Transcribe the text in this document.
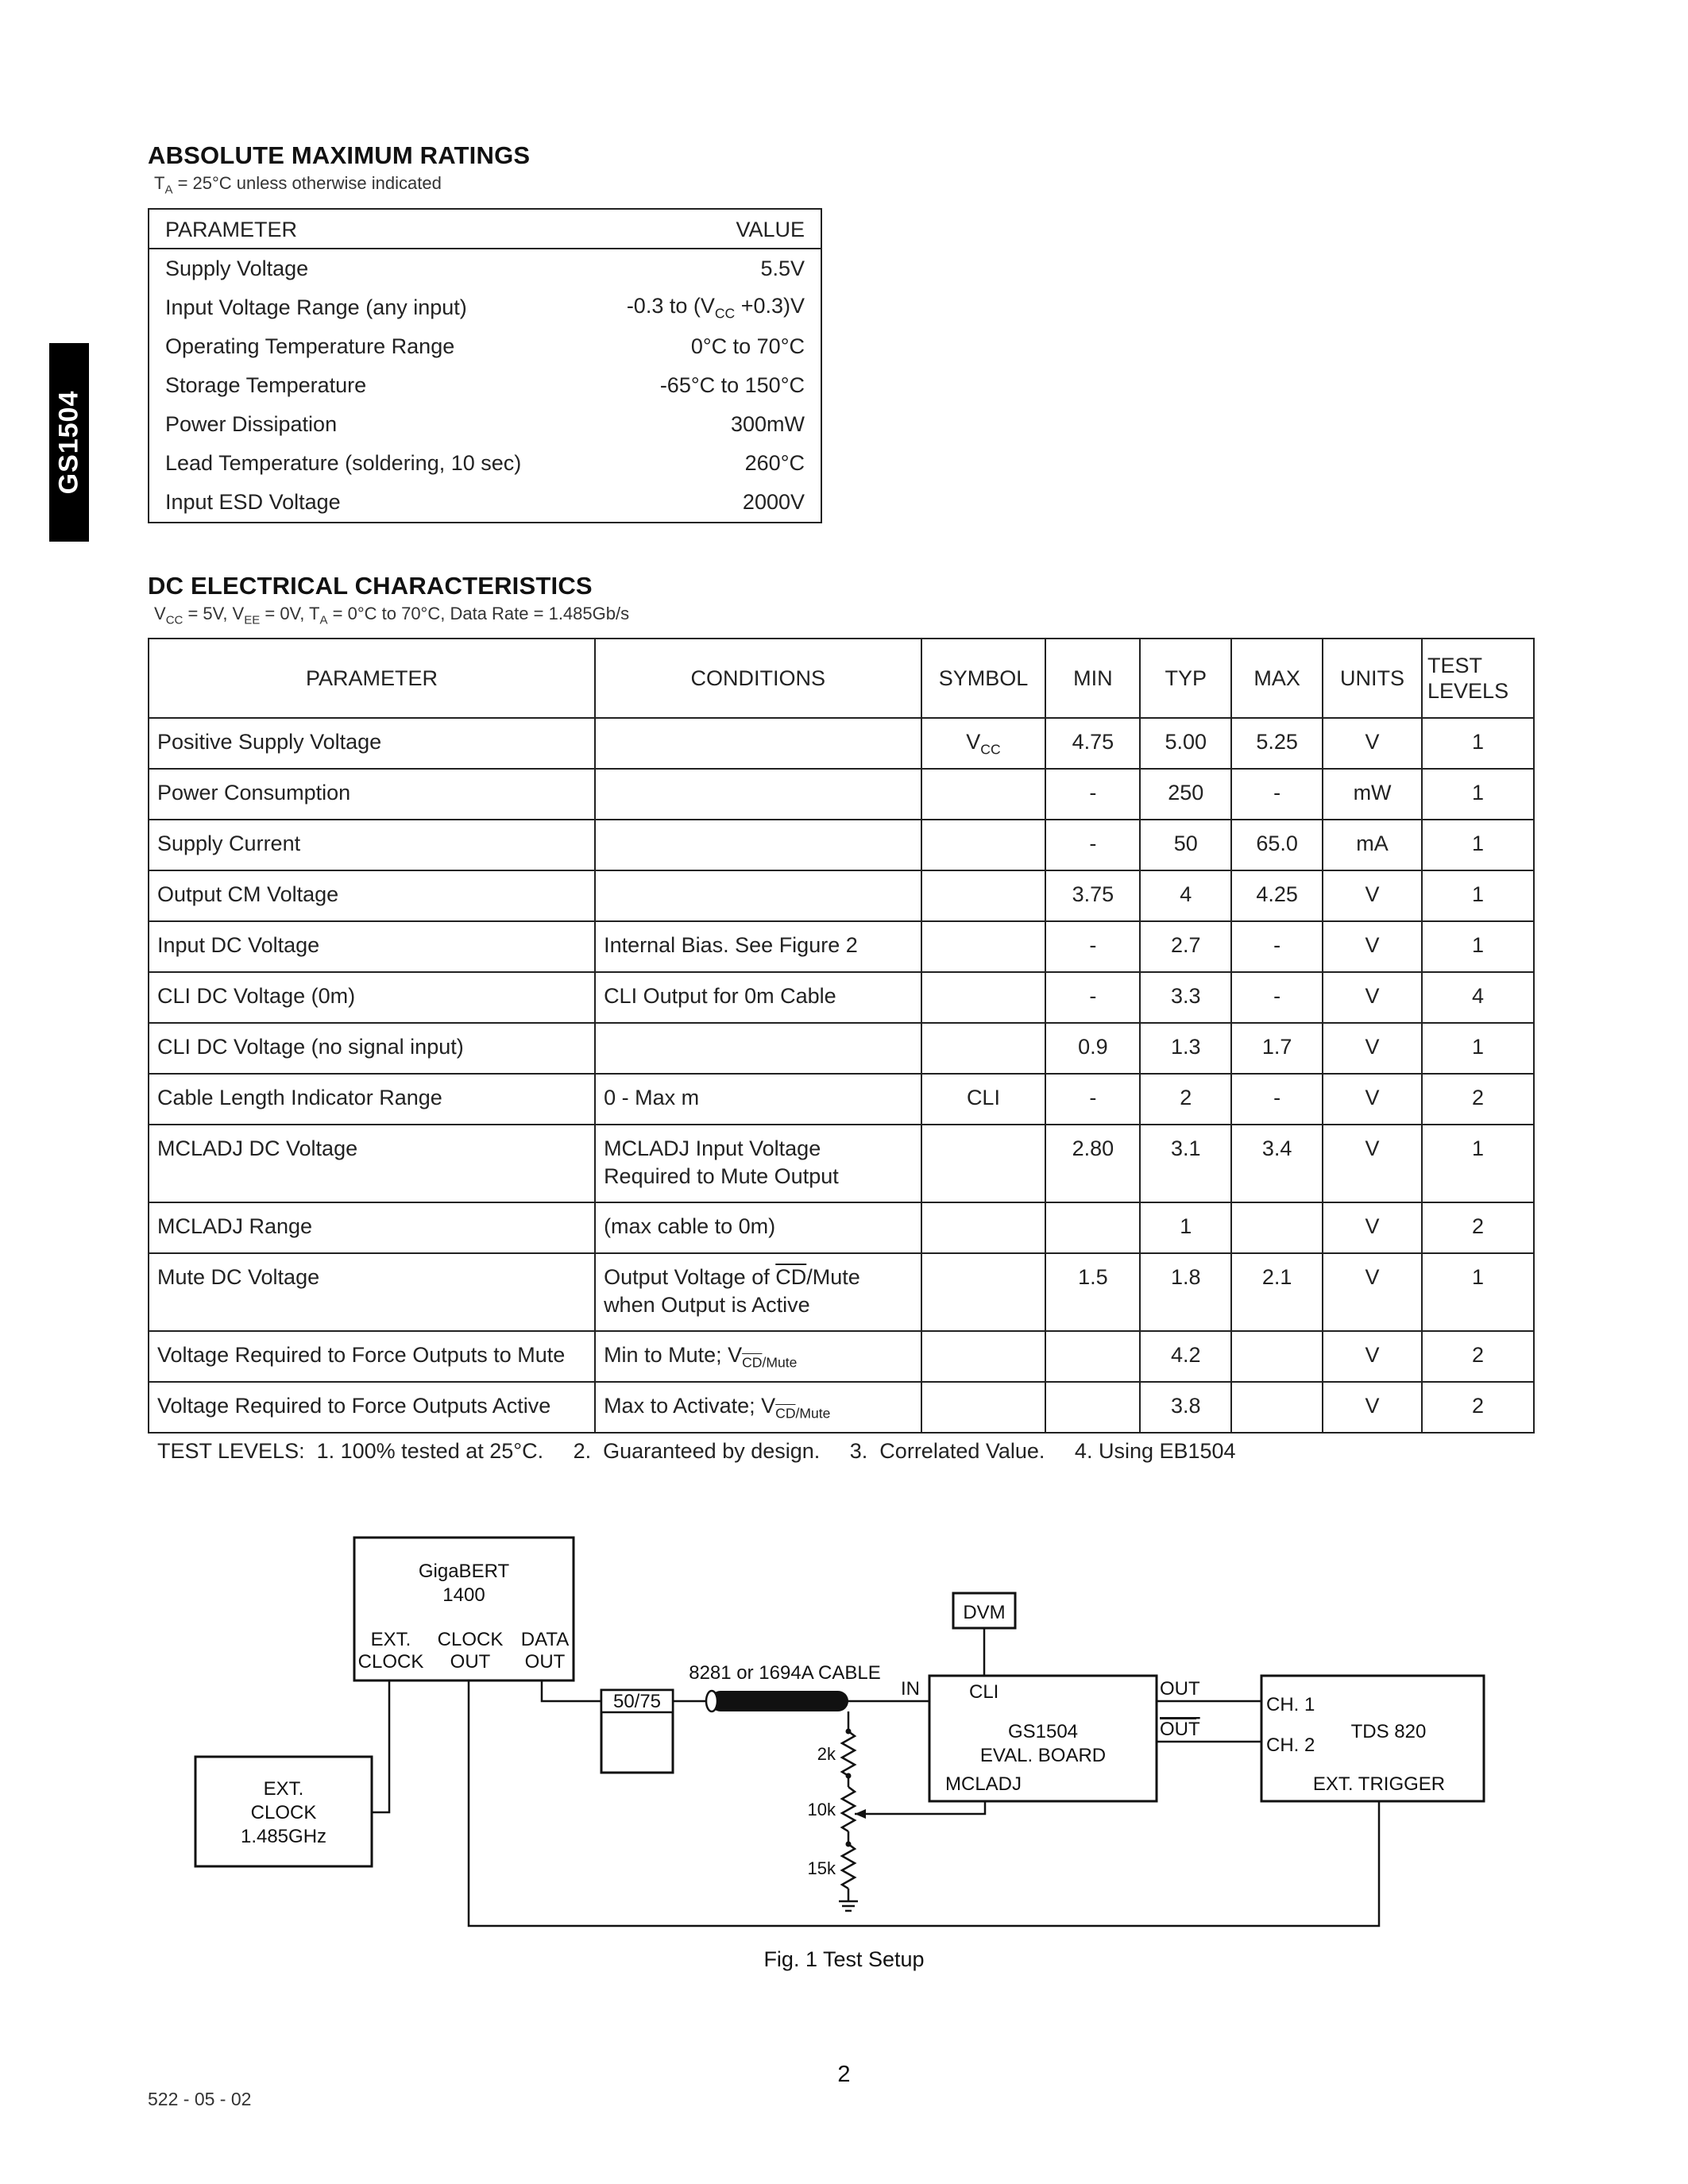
GS1504
ABSOLUTE MAXIMUM RATINGS
$T_A = 25^\circ C$ unless otherwise indicated
PARAMETER	VALUE
Supply Voltage	5.5V
Input Voltage Range (any input)	-0.3 to $(V_{CC} +0.3)V$
Operating Temperature Range	0°C to 70°C
Storage Temperature	-65°C to 150°C
Power Dissipation	300mW
Lead Temperature (soldering, 10 sec)	260°C
Input ESD Voltage	2000V
DC ELECTRICAL CHARACTERISTICS
$V_{CC} = 5V$, $V_{EE} = 0V$, $T_A = 0^\circ C$ to 70°C, Data Rate = 1.485Gb/s
PARAMETER	CONDITIONS	SYMBOL	MIN	TYP	MAX	UNITS	TEST
LEVELS
Positive Supply Voltage		$V_{CC}$	4.75	5.00	5.25	V	1
Power Consumption			-	250	-	mW	1
Supply Current			-	50	65.0	mA	1
Output CM Voltage			3.75	4	4.25	V	1
Input DC Voltage	Internal Bias. See Figure 2		-	2.7	-	V	1
CLI DC Voltage (0m)	CLI Output for 0m Cable		-	3.3	-	V	4
CLI DC Voltage (no signal input)			0.9	1.3	1.7	V	1
Cable Length Indicator Range	0 - Max m	CLI	-	2	-	V	2
MCLADJ DC Voltage	MCLADJ Input Voltage
Required to Mute Output		2.80	3.1	3.4	V	1
MCLADJ Range	(max cable to 0m)			1		V	2
Mute DC Voltage	Output Voltage of $\overline{CD}$/Mute
when Output is Active		1.5	1.8	2.1	V	1
Voltage Required to Force Outputs to Mute	Min to Mute; $V_{\overline{CD}/Mute}$			4.2		V	2
Voltage Required to Force Outputs Active	Max to Activate; $V_{\overline{CD}/Mute}$			3.8		V	2
TEST LEVELS:  1. 100% tested at 25°C.     2.  Guaranteed by design.     3.  Correlated Value.     4. Using EB1504
GigaBERT
1400
EXT.
CLOCK
CLOCK
OUT
DATA
OUT
EXT.
CLOCK
1.485GHz
50/75
8281 or 1694A CABLE
DVM
GS1504
EVAL. BOARD
TDS 820
EXT. TRIGGER
IN	CLI
MCLADJ
OUT
OUT
CH. 1
CH. 2
2k
10k
15k
Fig. 1 Test Setup
2
522 - 05 - 02
